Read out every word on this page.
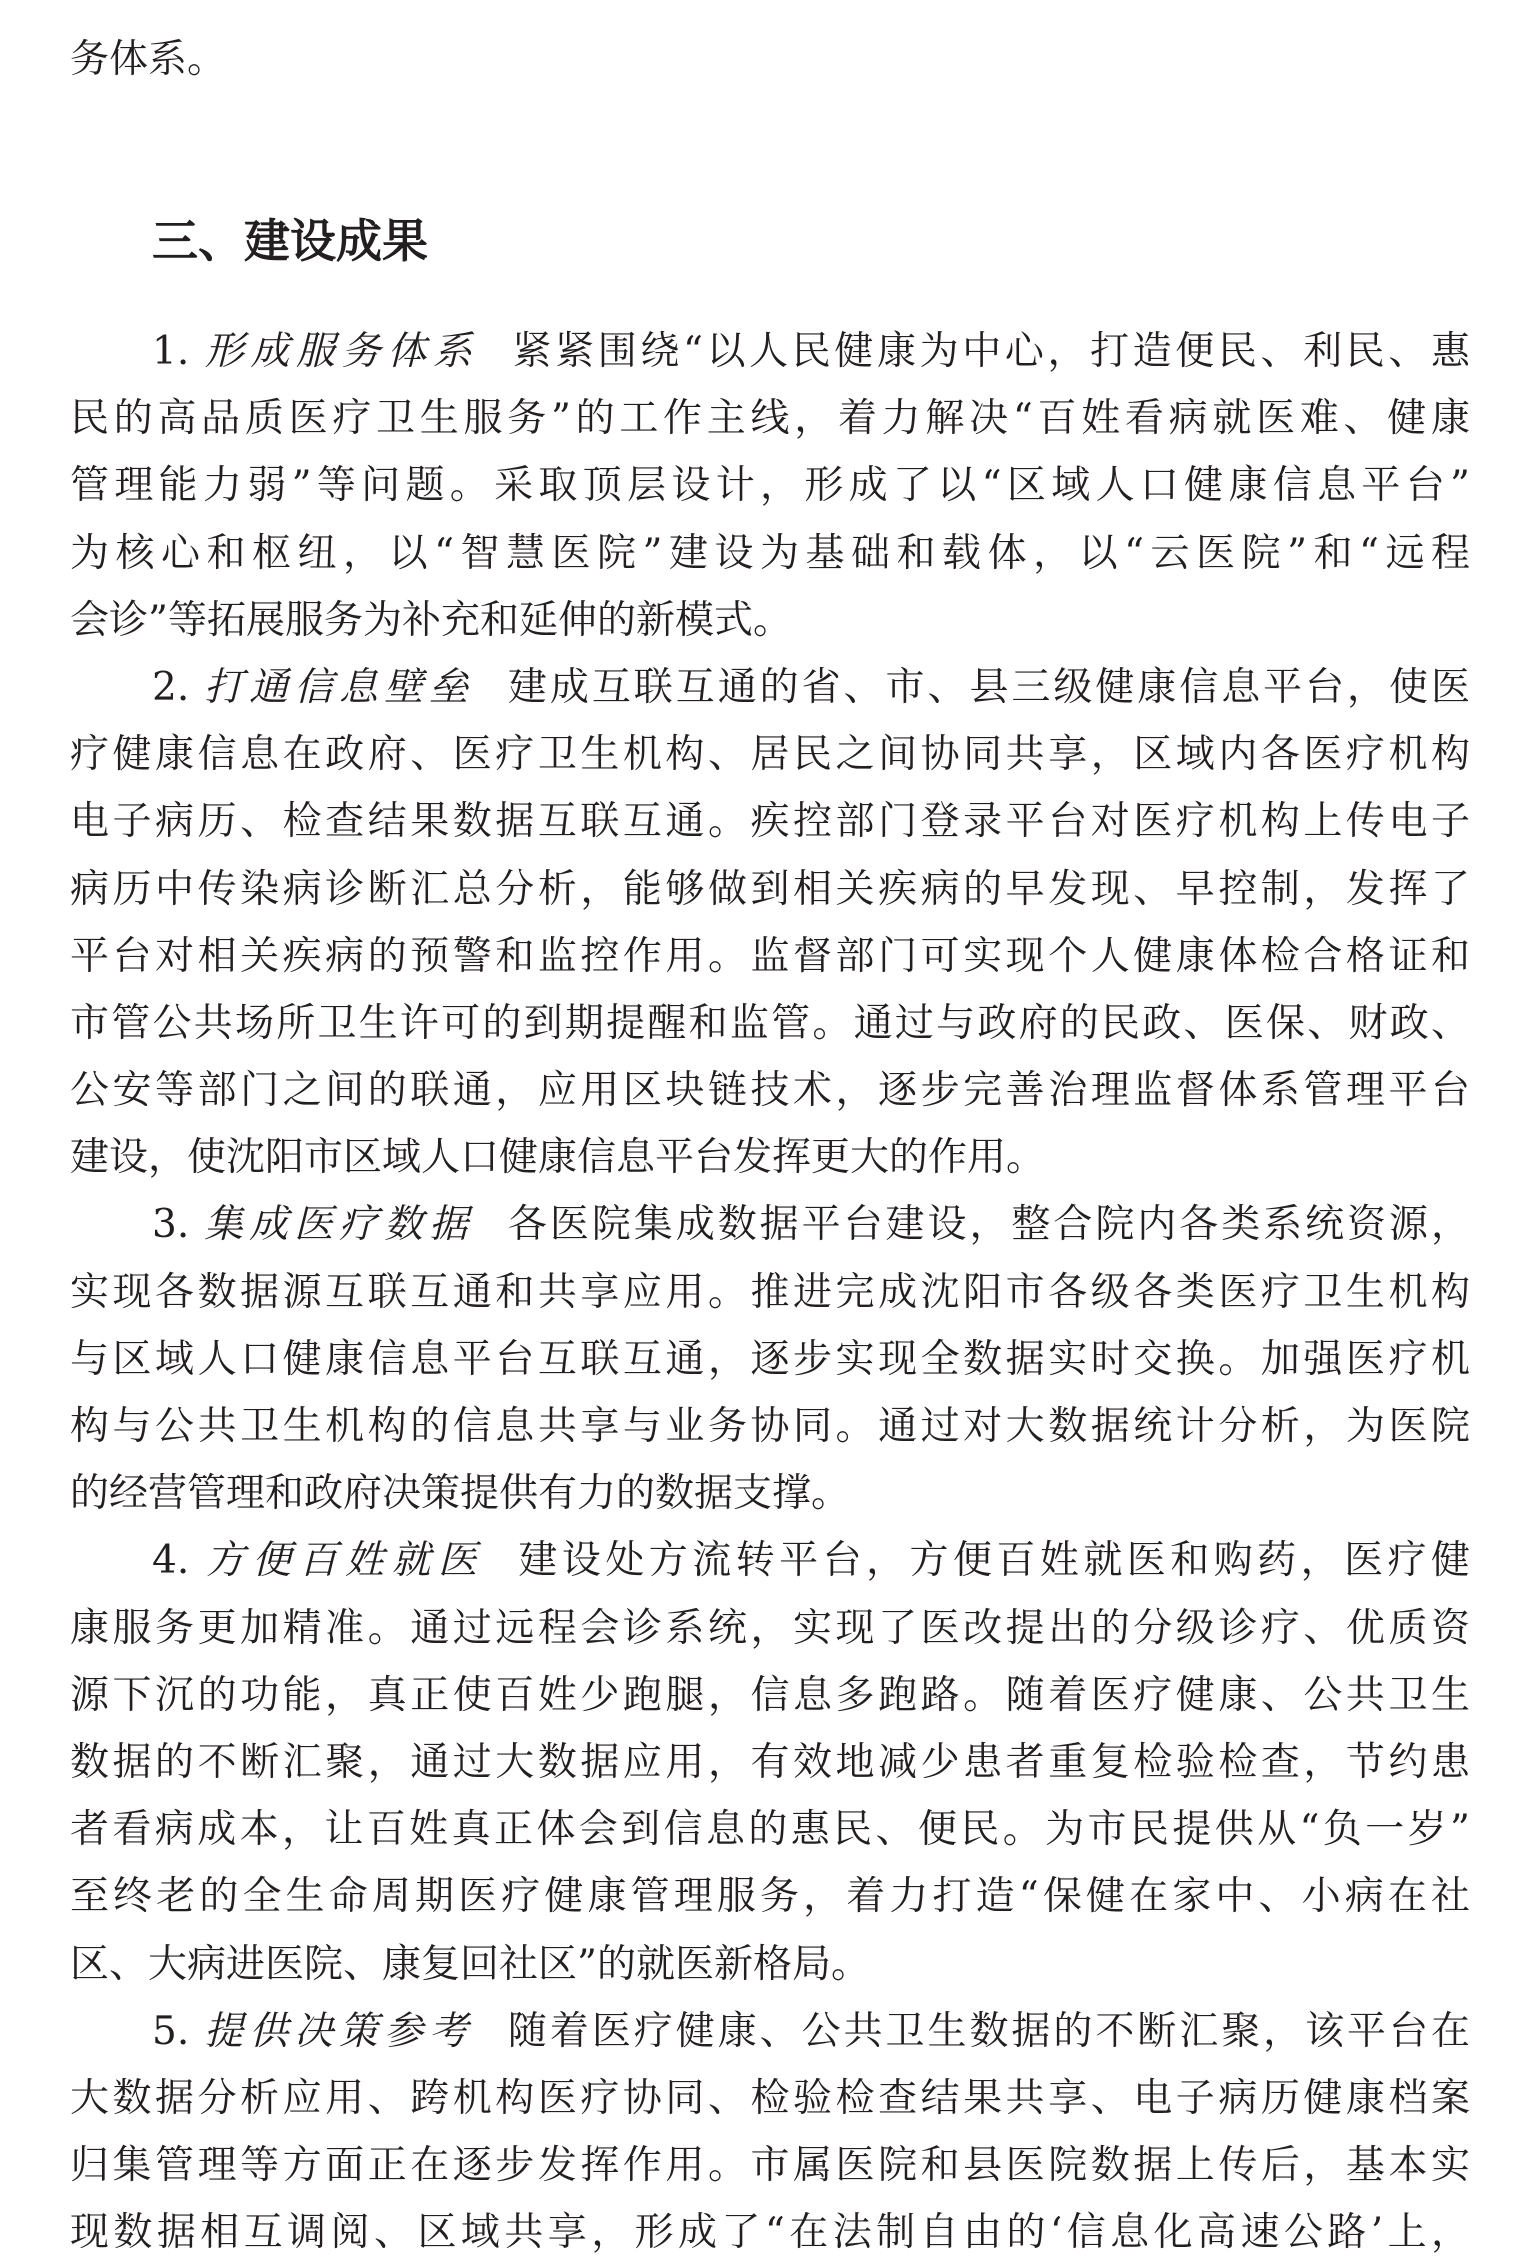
务体系。
三、建设成果
1. 形成服务体系 紧紧围绕“以人民健康为中心，打造便民、利民、惠
民的高品质医疗卫生服务”的工作主线，着力解决“百姓看病就医难、健康
管理能力弱”等问题。采取顶层设计，形成了以“区域人口健康信息平台”
为核心和枢纽，以“智慧医院”建设为基础和载体，以“云医院”和“远程
会诊”等拓展服务为补充和延伸的新模式。
2. 打通信息壁垒 建成互联互通的省、市、县三级健康信息平台，使医
疗健康信息在政府、医疗卫生机构、居民之间协同共享，区域内各医疗机构
电子病历、检查结果数据互联互通。疾控部门登录平台对医疗机构上传电子
病历中传染病诊断汇总分析，能够做到相关疾病的早发现、早控制，发挥了
平台对相关疾病的预警和监控作用。监督部门可实现个人健康体检合格证和
市管公共场所卫生许可的到期提醒和监管。通过与政府的民政、医保、财政、
公安等部门之间的联通，应用区块链技术，逐步完善治理监督体系管理平台
建设，使沈阳市区域人口健康信息平台发挥更大的作用。
3. 集成医疗数据 各医院集成数据平台建设，整合院内各类系统资源，
实现各数据源互联互通和共享应用。推进完成沈阳市各级各类医疗卫生机构
与区域人口健康信息平台互联互通，逐步实现全数据实时交换。加强医疗机
构与公共卫生机构的信息共享与业务协同。通过对大数据统计分析，为医院
的经营管理和政府决策提供有力的数据支撑。
4. 方便百姓就医 建设处方流转平台，方便百姓就医和购药，医疗健
康服务更加精准。通过远程会诊系统，实现了医改提出的分级诊疗、优质资
源下沉的功能，真正使百姓少跑腿，信息多跑路。随着医疗健康、公共卫生
数据的不断汇聚，通过大数据应用，有效地减少患者重复检验检查，节约患
者看病成本，让百姓真正体会到信息的惠民、便民。为市民提供从“负一岁”
至终老的全生命周期医疗健康管理服务，着力打造“保健在家中、小病在社
区、大病进医院、康复回社区”的就医新格局。
5. 提供决策参考 随着医疗健康、公共卫生数据的不断汇聚，该平台在
大数据分析应用、跨机构医疗协同、检验检查结果共享、电子病历健康档案
归集管理等方面正在逐步发挥作用。市属医院和县医院数据上传后，基本实
现数据相互调阅、区域共享，形成了“在法制自由的‘信息化高速公路’上，
